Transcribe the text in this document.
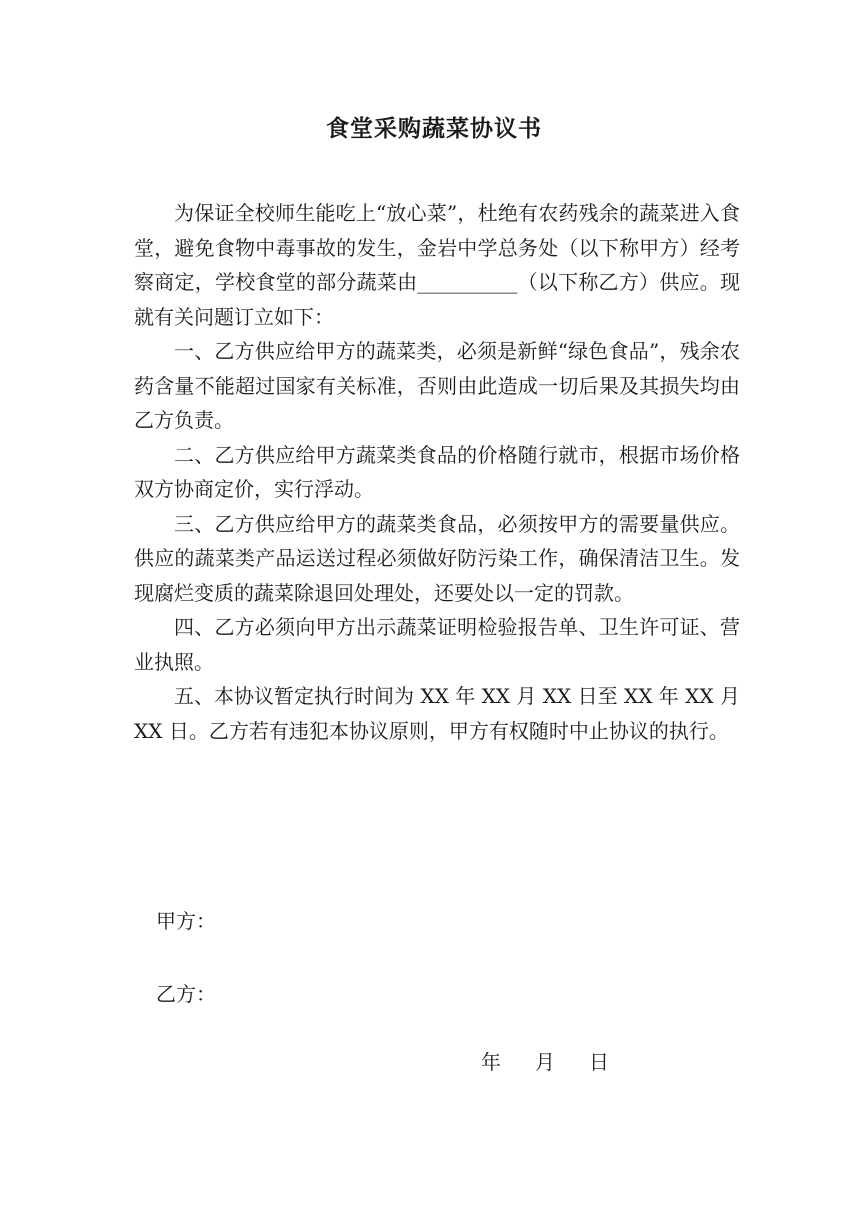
食堂采购蔬菜协议书

为保证全校师生能吃上“放心菜”，杜绝有农药残余的蔬菜进入食堂，避免食物中毒事故的发生，金岩中学总务处（以下称甲方）经考察商定，学校食堂的部分蔬菜由__________（以下称乙方）供应。现就有关问题订立如下：

一、乙方供应给甲方的蔬菜类，必须是新鲜“绿色食品”，残余农药含量不能超过国家有关标准，否则由此造成一切后果及其损失均由乙方负责。

二、乙方供应给甲方蔬菜类食品的价格随行就市，根据市场价格双方协商定价，实行浮动。

三、乙方供应给甲方的蔬菜类食品，必须按甲方的需要量供应。供应的蔬菜类产品运送过程必须做好防污染工作，确保清洁卫生。发现腐烂变质的蔬菜除退回处理处，还要处以一定的罚款。

四、乙方必须向甲方出示蔬菜证明检验报告单、卫生许可证、营业执照。

五、本协议暂定执行时间为 XX 年 XX 月 XX 日至 XX 年 XX 月 XX 日。乙方若有违犯本协议原则，甲方有权随时中止协议的执行。

甲方：
乙方：
年 月 日
